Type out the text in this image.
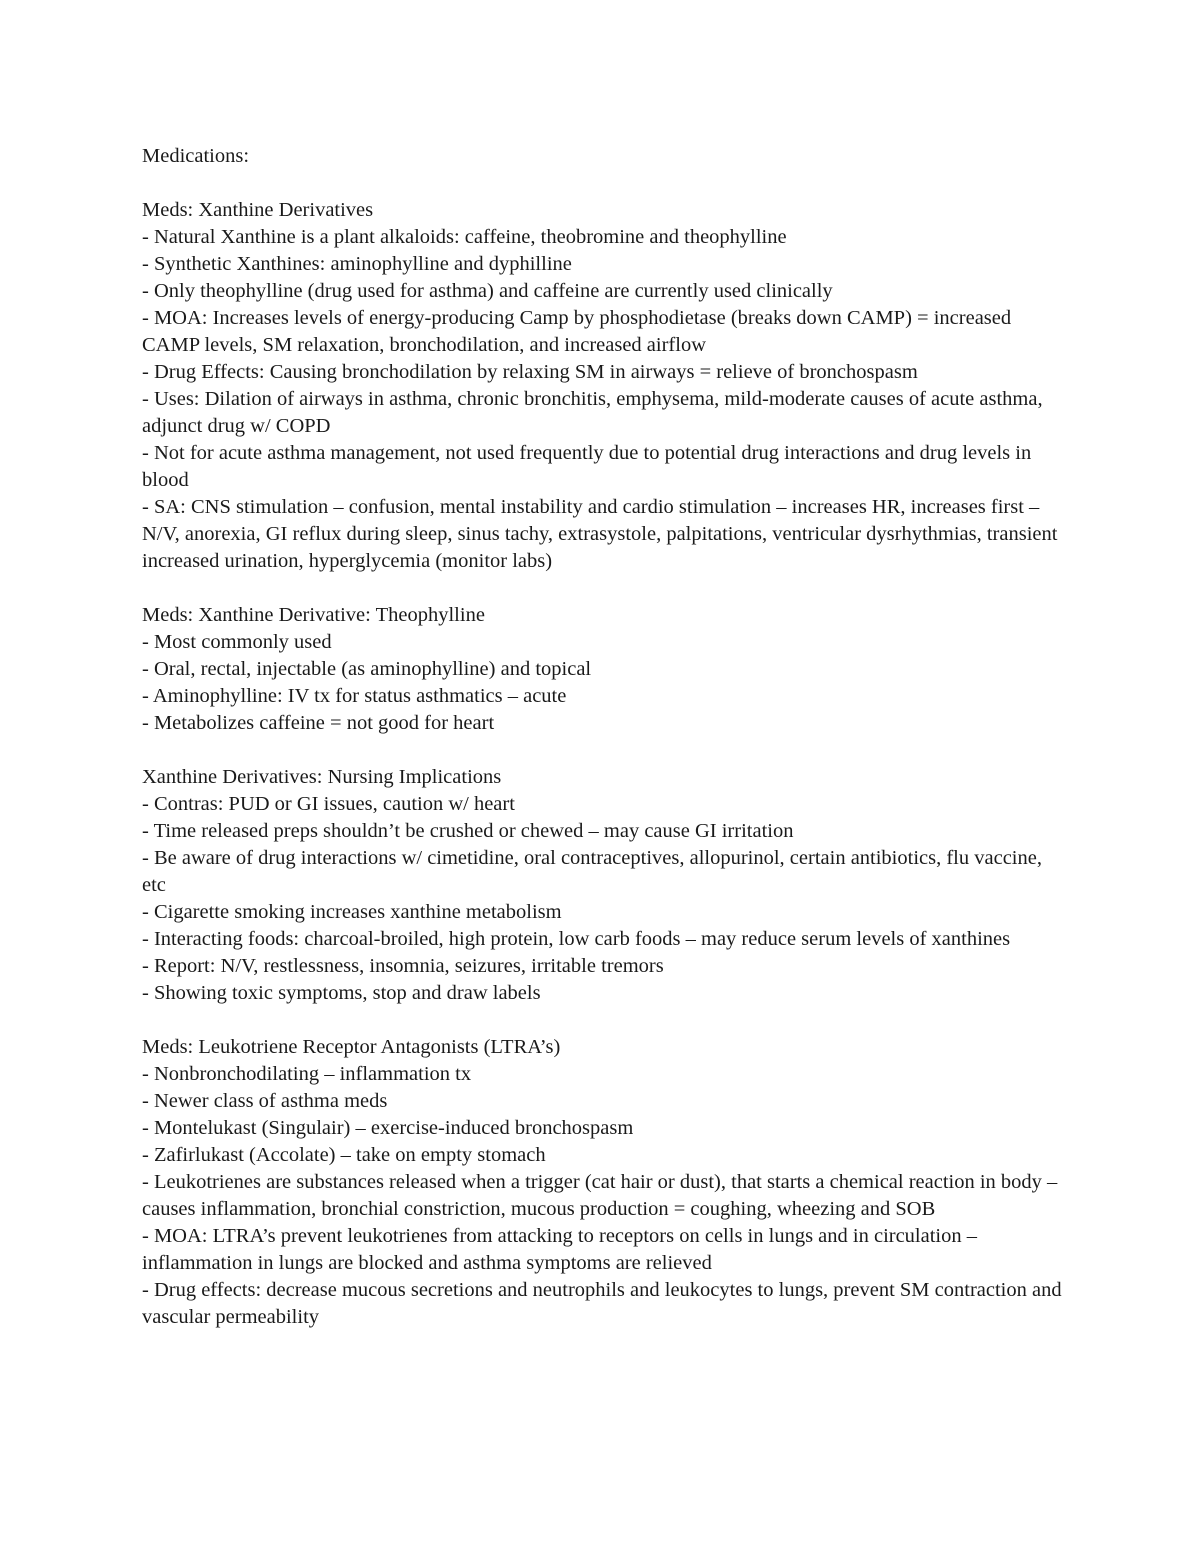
Medications:

Meds: Xanthine Derivatives

- Natural Xanthine is a plant alkaloids: caffeine, theobromine and theophylline
- Synthetic Xanthines: aminophylline and dyphilline
- Only theophylline (drug used for asthma) and caffeine are currently used clinically
- MOA: Increases levels of energy-producing Camp by phosphodietase (breaks down CAMP) = increased CAMP levels, SM relaxation, bronchodilation, and increased airflow
- Drug Effects: Causing bronchodilation by relaxing SM in airways = relieve of bronchospasm
- Uses: Dilation of airways in asthma, chronic bronchitis, emphysema, mild-moderate causes of acute asthma, adjunct drug w/ COPD
- Not for acute asthma management, not used frequently due to potential drug interactions and drug levels in blood
- SA: CNS stimulation – confusion, mental instability and cardio stimulation – increases HR, increases first – N/V, anorexia, GI reflux during sleep, sinus tachy, extrasystole, palpitations, ventricular dysrhythmias, transient increased urination, hyperglycemia (monitor labs)

Meds: Xanthine Derivative: Theophylline

- Most commonly used
- Oral, rectal, injectable (as aminophylline) and topical
- Aminophylline: IV tx for status asthmatics – acute
- Metabolizes caffeine = not good for heart

Xanthine Derivatives: Nursing Implications

- Contras: PUD or GI issues, caution w/ heart
- Time released preps shouldn’t be crushed or chewed – may cause GI irritation
- Be aware of drug interactions w/ cimetidine, oral contraceptives, allopurinol, certain antibiotics, flu vaccine, etc
- Cigarette smoking increases xanthine metabolism
- Interacting foods: charcoal-broiled, high protein, low carb foods – may reduce serum levels of xanthines
- Report: N/V, restlessness, insomnia, seizures, irritable tremors
- Showing toxic symptoms, stop and draw labels

Meds: Leukotriene Receptor Antagonists (LTRA’s)

- Nonbronchodilating – inflammation tx
- Newer class of asthma meds
- Montelukast (Singulair) – exercise-induced bronchospasm
- Zafirlukast (Accolate) – take on empty stomach
- Leukotrienes are substances released when a trigger (cat hair or dust), that starts a chemical reaction in body – causes inflammation, bronchial constriction, mucous production = coughing, wheezing and SOB
- MOA: LTRA’s prevent leukotrienes from attacking to receptors on cells in lungs and in circulation – inflammation in lungs are blocked and asthma symptoms are relieved
- Drug effects: decrease mucous secretions and neutrophils and leukocytes to lungs, prevent SM contraction and vascular permeability
